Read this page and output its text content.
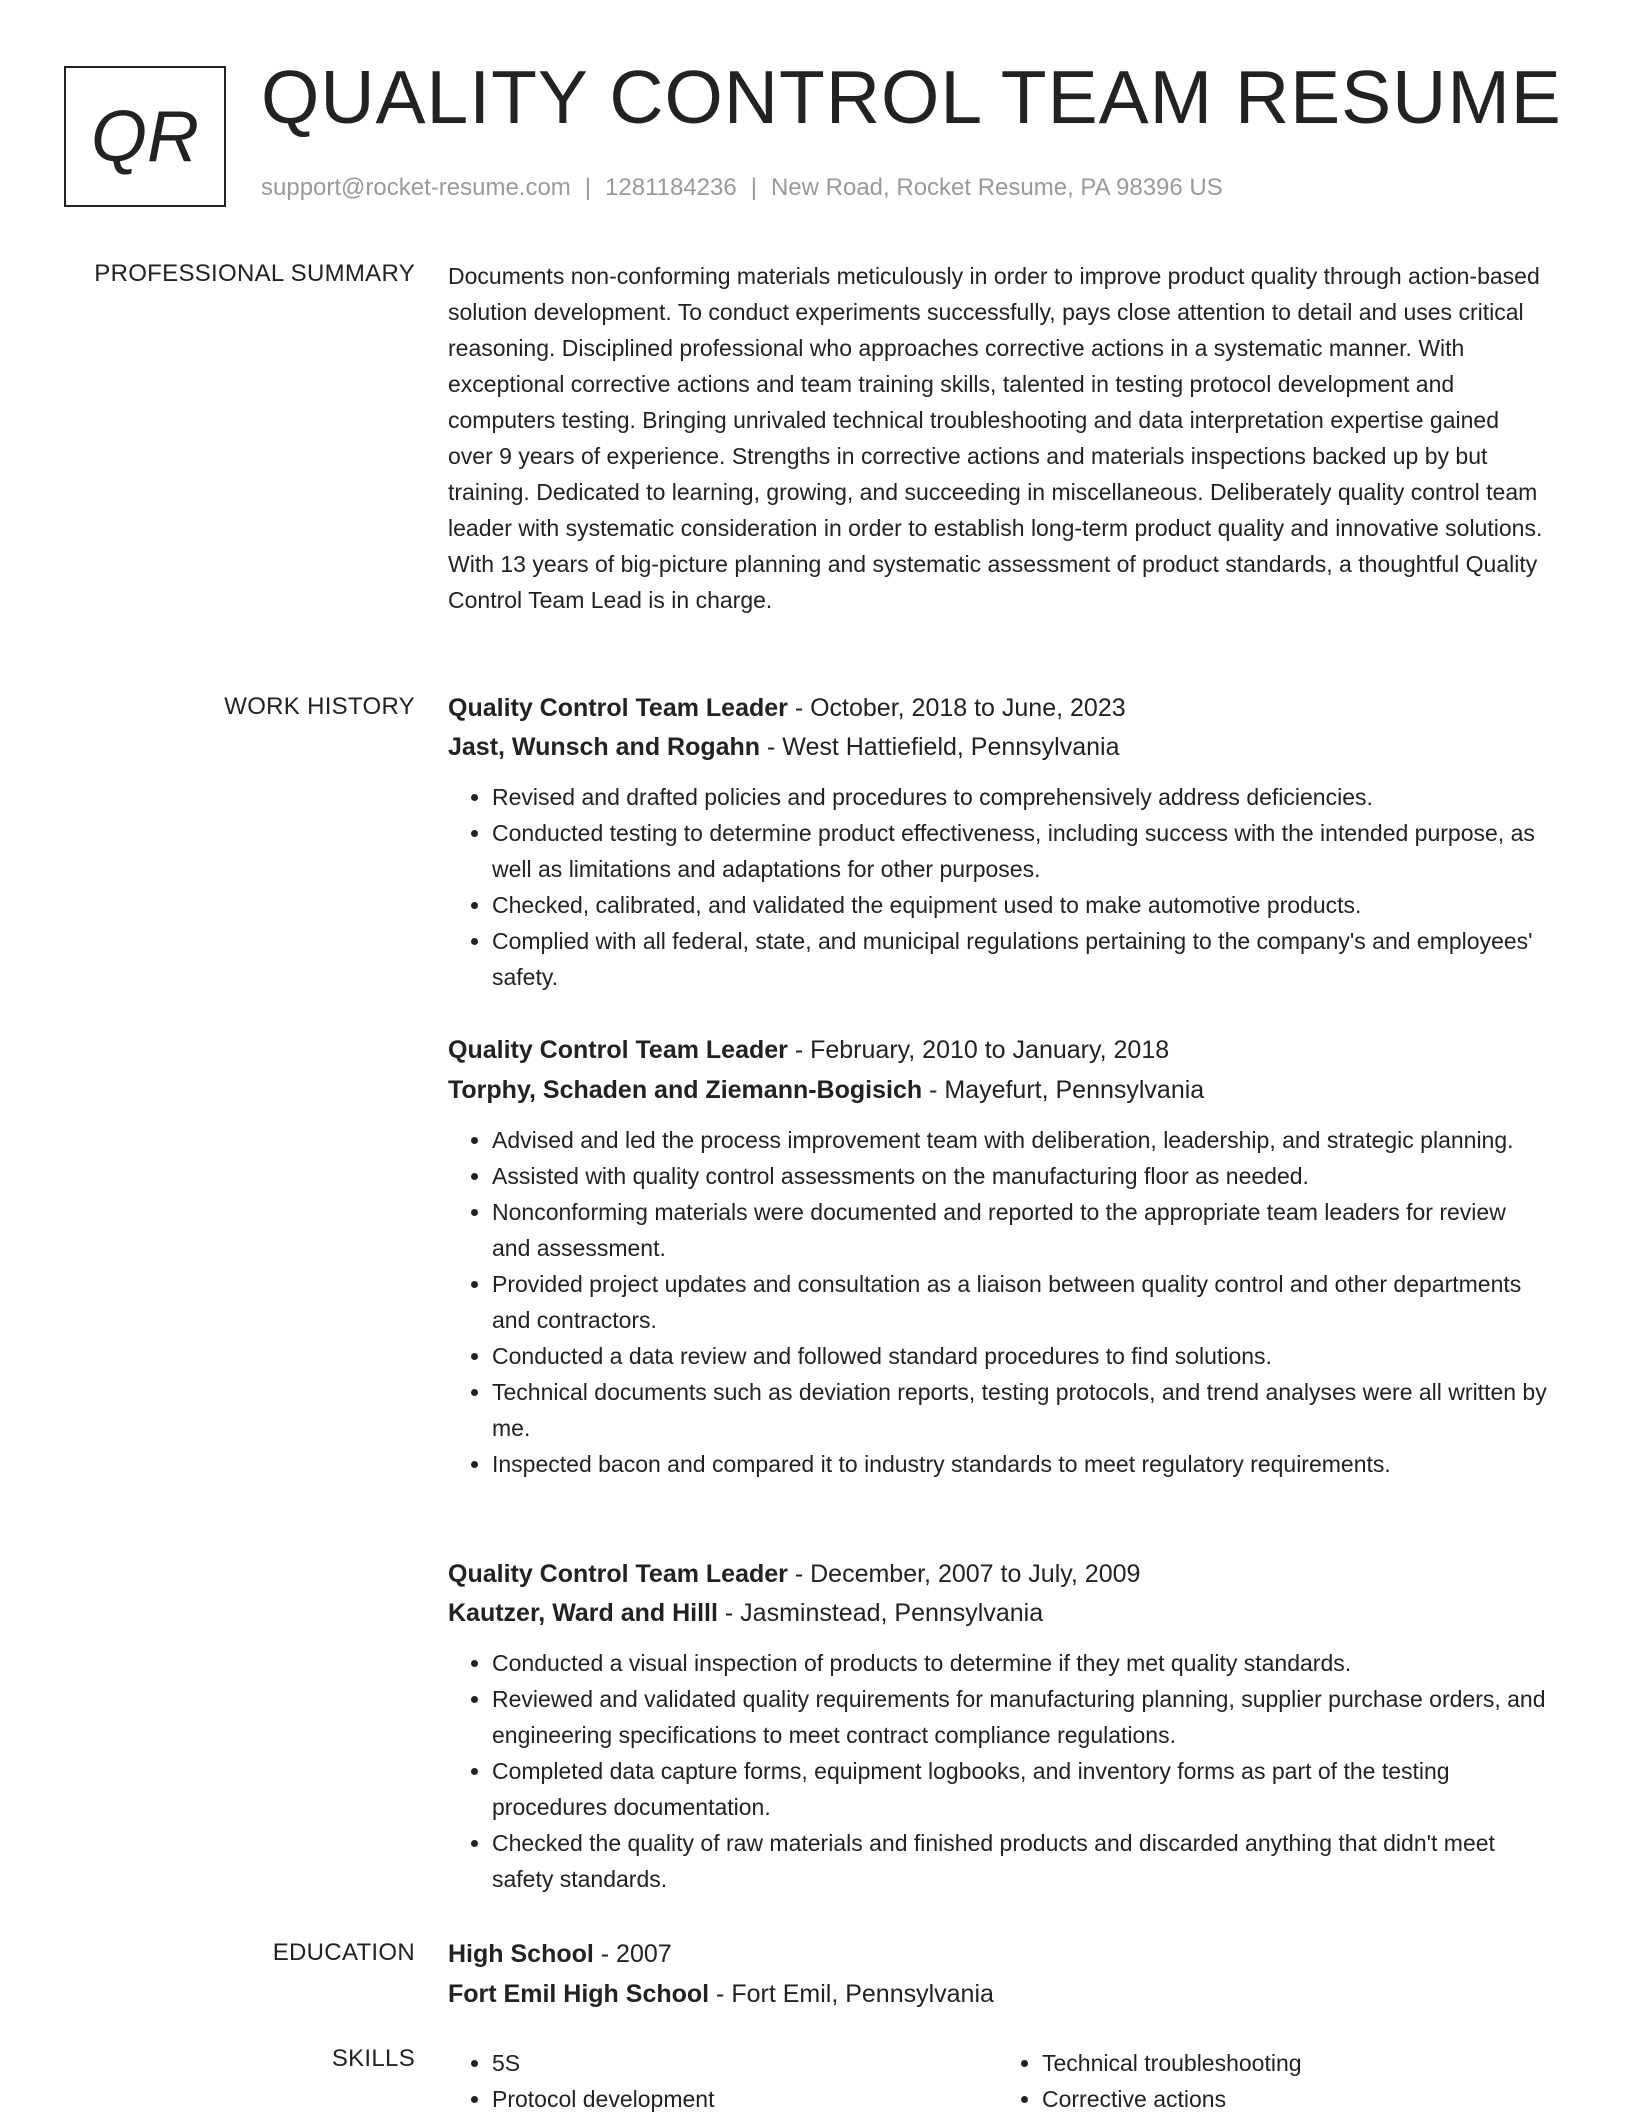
QR QUALITY CONTROL TEAM RESUME
support@rocket-resume.com | 1281184236 | New Road, Rocket Resume, PA 98396 US
PROFESSIONAL SUMMARY Documents non-conforming materials meticulously in order to improve product quality through action-based solution development. To conduct experiments successfully, pays close attention to detail and uses critical reasoning. Disciplined professional who approaches corrective actions in a systematic manner. With exceptional corrective actions and team training skills, talented in testing protocol development and computers testing. Bringing unrivaled technical troubleshooting and data interpretation expertise gained over 9 years of experience. Strengths in corrective actions and materials inspections backed up by but training. Dedicated to learning, growing, and succeeding in miscellaneous. Deliberately quality control team leader with systematic consideration in order to establish long-term product quality and innovative solutions. With 13 years of big-picture planning and systematic assessment of product standards, a thoughtful Quality Control Team Lead is in charge.

WORK HISTORY Quality Control Team Leader - October, 2018 to June, 2023
Jast, Wunsch and Rogahn - West Hattiefield, Pennsylvania
• Revised and drafted policies and procedures to comprehensively address deficiencies.
• Conducted testing to determine product effectiveness, including success with the intended purpose, as well as limitations and adaptations for other purposes.
• Checked, calibrated, and validated the equipment used to make automotive products.
• Complied with all federal, state, and municipal regulations pertaining to the company's and employees' safety.
Quality Control Team Leader - February, 2010 to January, 2018
Torphy, Schaden and Ziemann-Bogisich - Mayefurt, Pennsylvania
• Advised and led the process improvement team with deliberation, leadership, and strategic planning.
• Assisted with quality control assessments on the manufacturing floor as needed.
• Nonconforming materials were documented and reported to the appropriate team leaders for review and assessment.
• Provided project updates and consultation as a liaison between quality control and other departments and contractors.
• Conducted a data review and followed standard procedures to find solutions.
• Technical documents such as deviation reports, testing protocols, and trend analyses were all written by me.
• Inspected bacon and compared it to industry standards to meet regulatory requirements.
Quality Control Team Leader - December, 2007 to July, 2009
Kautzer, Ward and Hilll - Jasminstead, Pennsylvania
• Conducted a visual inspection of products to determine if they met quality standards.
• Reviewed and validated quality requirements for manufacturing planning, supplier purchase orders, and engineering specifications to meet contract compliance regulations.
• Completed data capture forms, equipment logbooks, and inventory forms as part of the testing procedures documentation.
• Checked the quality of raw materials and finished products and discarded anything that didn't meet safety standards.
EDUCATION High School - 2007
Fort Emil High School - Fort Emil, Pennsylvania
SKILLS
•	5S
• Protocol development
• Technical troubleshooting
• Corrective actions
